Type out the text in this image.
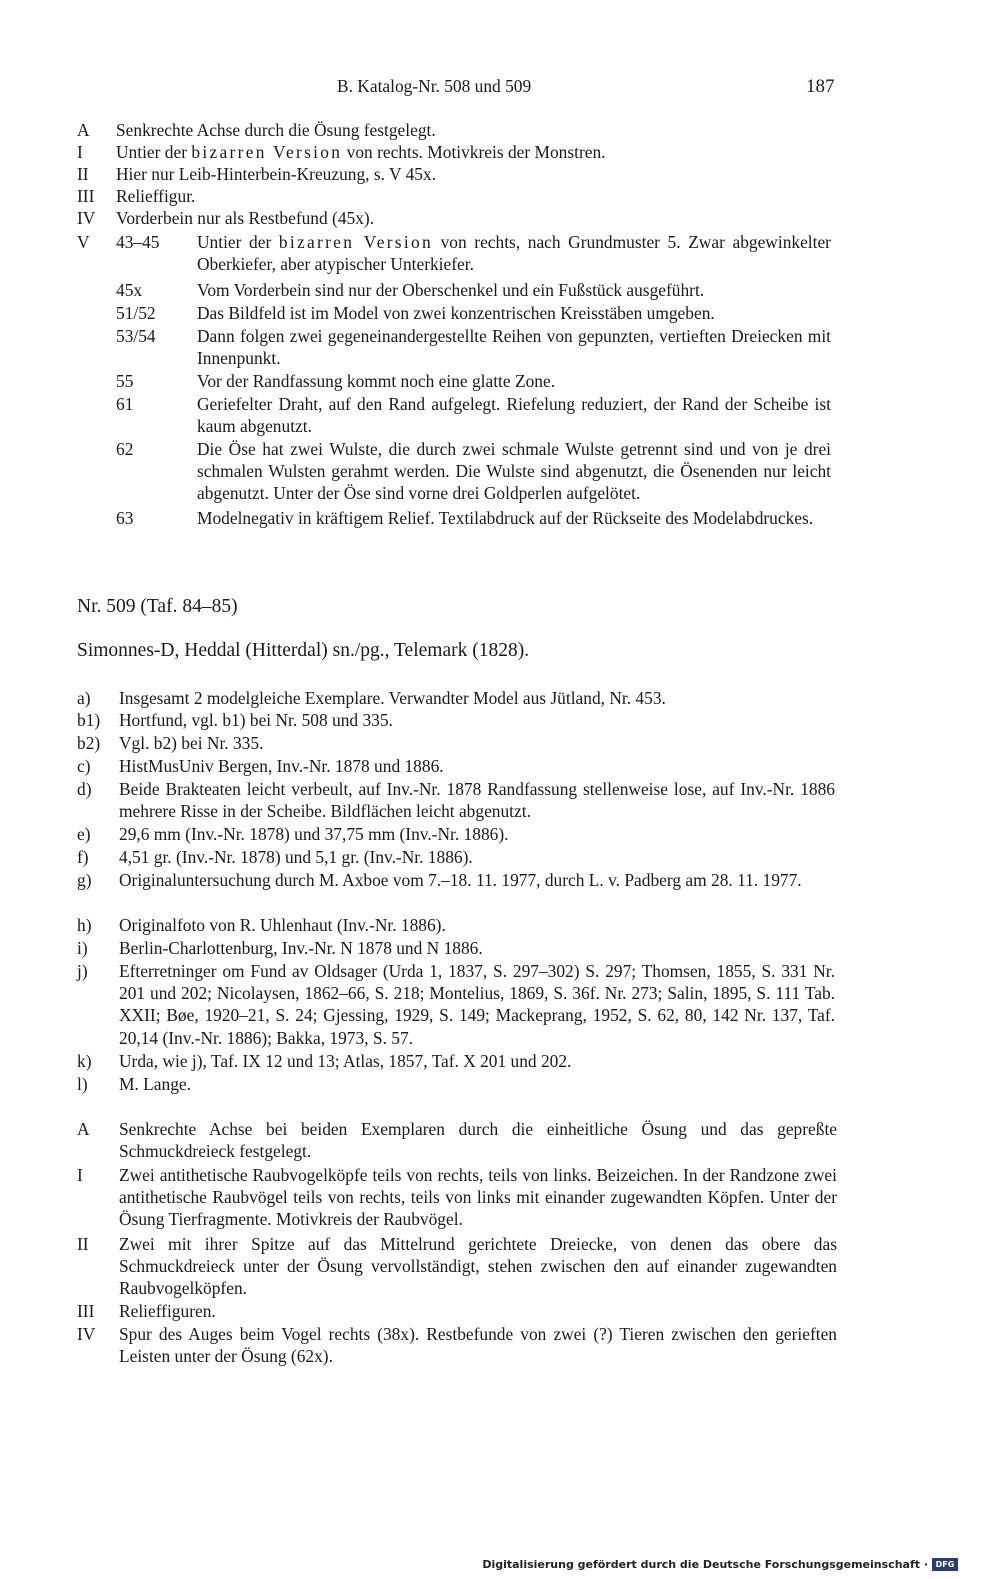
B. Katalog-Nr. 508 und 509	187
A Senkrechte Achse durch die Ösung festgelegt.
I Untier der bizarren Version von rechts. Motivkreis der Monstren.
II Hier nur Leib-Hinterbein-Kreuzung, s. V 45x.
III Relieffigur.
IV Vorderbein nur als Restbefund (45x).
V 43–45 Untier der bizarren Version von rechts, nach Grundmuster 5. Zwar abgewinkelter Oberkiefer, aber atypischer Unterkiefer.
45x	Vom Vorderbein sind nur der Oberschenkel und ein Fußstück ausgeführt.
51/52 Das Bildfeld ist im Model von zwei konzentrischen Kreisstäben umgeben.
53/54 Dann folgen zwei gegeneinandergestellte Reihen von gepunzten, vertieften Dreiecken mit Innenpunkt.
55	Vor der Randfassung kommt noch eine glatte Zone.
61	Geriefelter Draht, auf den Rand aufgelegt. Riefelung reduziert, der Rand der Scheibe ist kaum abgenutzt.
62	Die Öse hat zwei Wulste, die durch zwei schmale Wulste getrennt sind und von je drei schmalen Wulsten gerahmt werden. Die Wulste sind abgenutzt, die Ösenenden nur leicht abgenutzt. Unter der Öse sind vorne drei Goldperlen aufgelötet.
63	Modelnegativ in kräftigem Relief. Textilabdruck auf der Rückseite des Modelabdruckes.
Nr. 509 (Taf. 84–85)
Simonnes-D, Heddal (Hitterdal) sn./pg., Telemark (1828).
a) Insgesamt 2 modelgleiche Exemplare. Verwandter Model aus Jütland, Nr. 453.
b1) Hortfund, vgl. b1) bei Nr. 508 und 335.
b2) Vgl. b2) bei Nr. 335.
c) HistMusUniv Bergen, Inv.-Nr. 1878 und 1886.
d) Beide Brakteaten leicht verbeult, auf Inv.-Nr. 1878 Randfassung stellenweise lose, auf Inv.-Nr. 1886 mehrere Risse in der Scheibe. Bildflächen leicht abgenutzt.
e) 29,6 mm (Inv.-Nr. 1878) und 37,75 mm (Inv.-Nr. 1886).
f) 4,51 gr. (Inv.-Nr. 1878) und 5,1 gr. (Inv.-Nr. 1886).
g) Originaluntersuchung durch M. Axboe vom 7.–18. 11. 1977, durch L. v. Padberg am 28. 11. 1977.
h) Originalfoto von R. Uhlenhaut (Inv.-Nr. 1886).
i) Berlin-Charlottenburg, Inv.-Nr. N 1878 und N 1886.
j) Efterretninger om Fund av Oldsager (Urda 1, 1837, S. 297–302) S. 297; Thomsen, 1855, S. 331 Nr. 201 und 202; Nicolaysen, 1862–66, S. 218; Montelius, 1869, S. 36f. Nr. 273; Salin, 1895, S. 111 Tab. XXII; Bøe, 1920–21, S. 24; Gjessing, 1929, S. 149; Mackeprang, 1952, S. 62, 80, 142 Nr. 137, Taf. 20,14 (Inv.-Nr. 1886); Bakka, 1973, S. 57.
k) Urda, wie j), Taf. IX 12 und 13; Atlas, 1857, Taf. X 201 und 202.
l) M. Lange.
A Senkrechte Achse bei beiden Exemplaren durch die einheitliche Ösung und das gepreßte Schmuckdreieck festgelegt.
I Zwei antithetische Raubvogelköpfe teils von rechts, teils von links. Beizeichen. In der Randzone zwei antithetische Raubvögel teils von rechts, teils von links mit einander zugewandten Köpfen. Unter der Ösung Tierfragmente. Motivkreis der Raubvögel.
II Zwei mit ihrer Spitze auf das Mittelrund gerichtete Dreiecke, von denen das obere das Schmuckdreieck unter der Ösung vervollständigt, stehen zwischen den auf einander zugewandten Raubvogelköpfen.
III Relieffiguren.
IV Spur des Auges beim Vogel rechts (38x). Restbefunde von zwei (?) Tieren zwischen den gerieften Leisten unter der Ösung (62x).
Digitalisierung gefördert durch die Deutsche Forschungsgemeinschaft · DFG
